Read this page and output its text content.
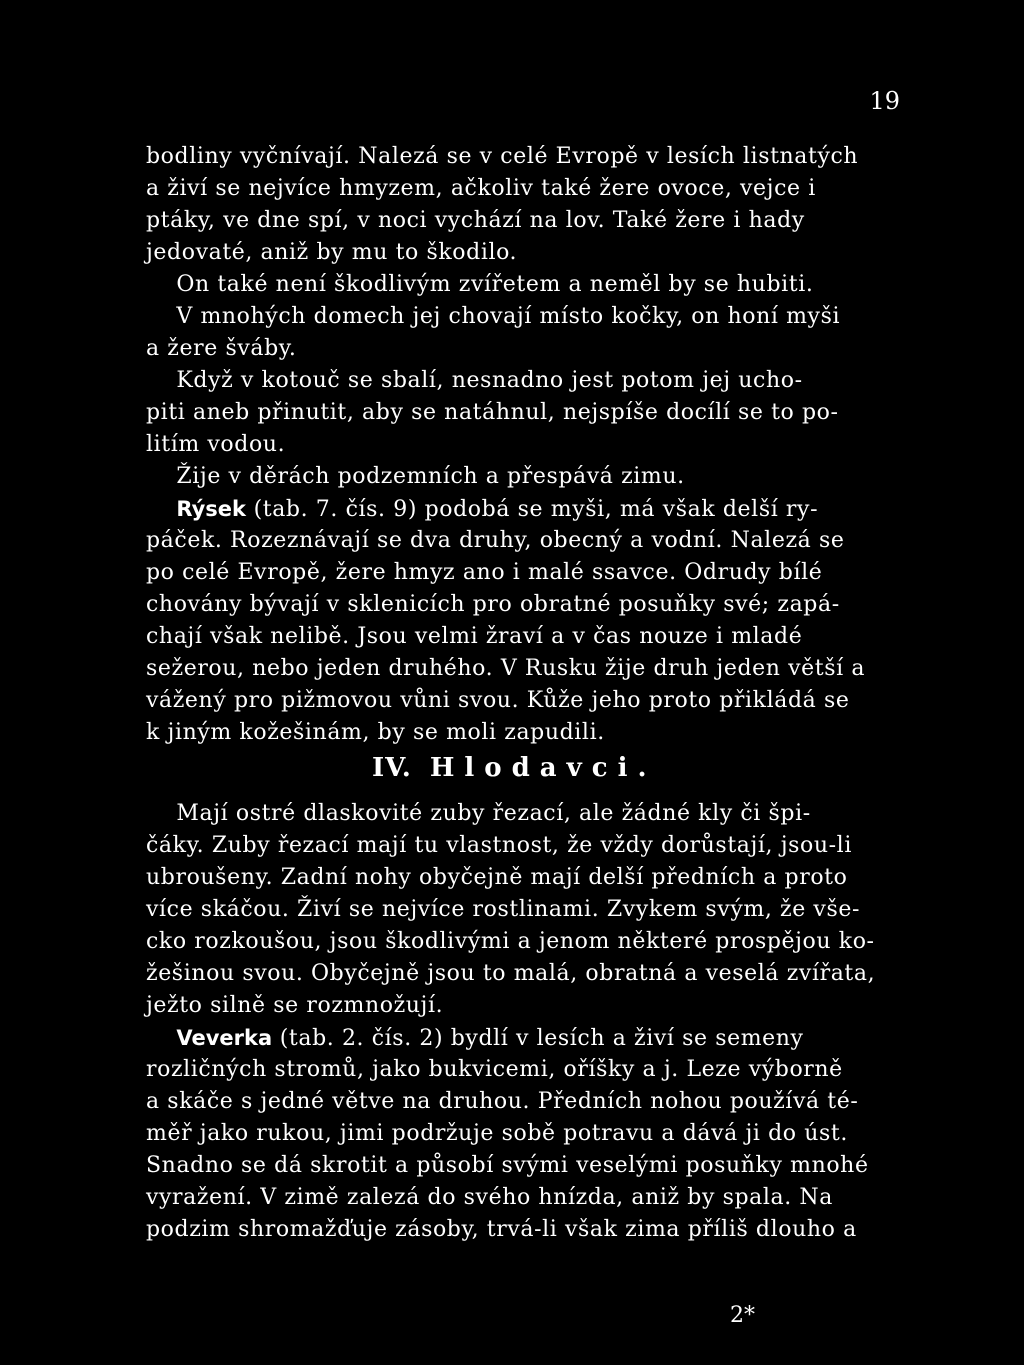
19
bodliny vyčnívají. Nalezá se v celé Evropě v lesích listnatých
a živí se nejvíce hmyzem, ačkoliv také žere ovoce, vejce i
ptáky, ve dne spí, v noci vychází na lov. Také žere i hady
jedovaté, aniž by mu to škodilo.
On také není škodlivým zvířetem a neměl by se hubiti.
V mnohých domech jej chovají místo kočky, on honí myši
a žere šváby.
Když v kotouč se sbalí, nesnadno jest potom jej ucho-
piti aneb přinutit, aby se natáhnul, nejspíše docílí se to po-
litím vodou.
Žije v děrách podzemních a přespává zimu.
Rýsek (tab. 7. čís. 9) podobá se myši, má však delší ry-
páček. Rozeznávají se dva druhy, obecný a vodní. Nalezá se
po celé Evropě, žere hmyz ano i malé ssavce. Odrudy bílé
chovány bývají v sklenicích pro obratné posuňky své; zapá-
chají však nelibě. Jsou velmi žraví a v čas nouze i mladé
sežerou, nebo jeden druhého. V Rusku žije druh jeden větší a
vážený pro pižmovou vůni svou. Kůže jeho proto přikládá se
k jiným kožešinám, by se moli zapudili.
IV. Hlodavci.
Mají ostré dlaskovité zuby řezací, ale žádné kly či špi-
čáky. Zuby řezací mají tu vlastnost, že vždy dorůstají, jsou-li
ubroušeny. Zadní nohy obyčejně mají delší předních a proto
více skáčou. Živí se nejvíce rostlinami. Zvykem svým, že vše-
cko rozkoušou, jsou škodlivými a jenom některé prospějou ko-
žešinou svou. Obyčejně jsou to malá, obratná a veselá zvířata,
ježto silně se rozmnožují.
Veverka (tab. 2. čís. 2) bydlí v lesích a živí se semeny
rozličných stromů, jako bukvicemi, oříšky a j. Leze výborně
a skáče s jedné větve na druhou. Předních nohou používá té-
měř jako rukou, jimi podržuje sobě potravu a dává ji do úst.
Snadno se dá skrotit a působí svými veselými posuňky mnohé
vyražení. V zimě zalezá do svého hnízda, aniž by spala. Na
podzim shromažďuje zásoby, trvá-li však zima příliš dlouho a
2*
